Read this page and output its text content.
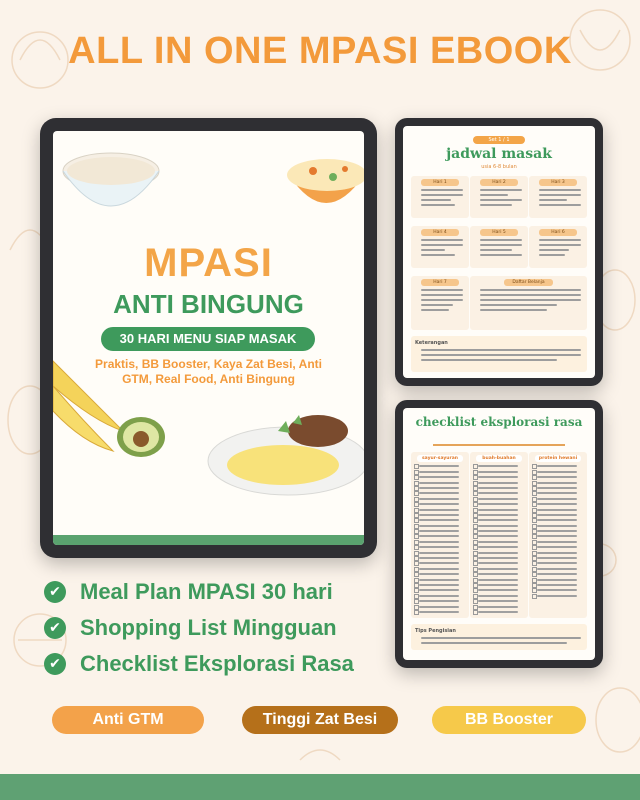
ALL IN ONE MPASI EBOOK
MPASI
ANTI BINGUNG
30 HARI MENU SIAP MASAK
Praktis, BB Booster, Kaya Zat Besi, Anti GTM, Real Food, Anti Bingung
Set 1 / 1
jadwal masak
usia 6-8 bulan
Hari 1	Hari 2	Hari 3
Hari 4	Hari 5	Hari 6
Hari 7	Daftar Belanja
Keterangan
checklist eksplorasi rasa
sayur-sayuran	buah-buahan	protein hewani
Tips Pengisian
✔ Meal Plan MPASI 30 hari
✔ Shopping List Mingguan
✔ Checklist Eksplorasi Rasa
Anti GTM	Tinggi Zat Besi	BB Booster
